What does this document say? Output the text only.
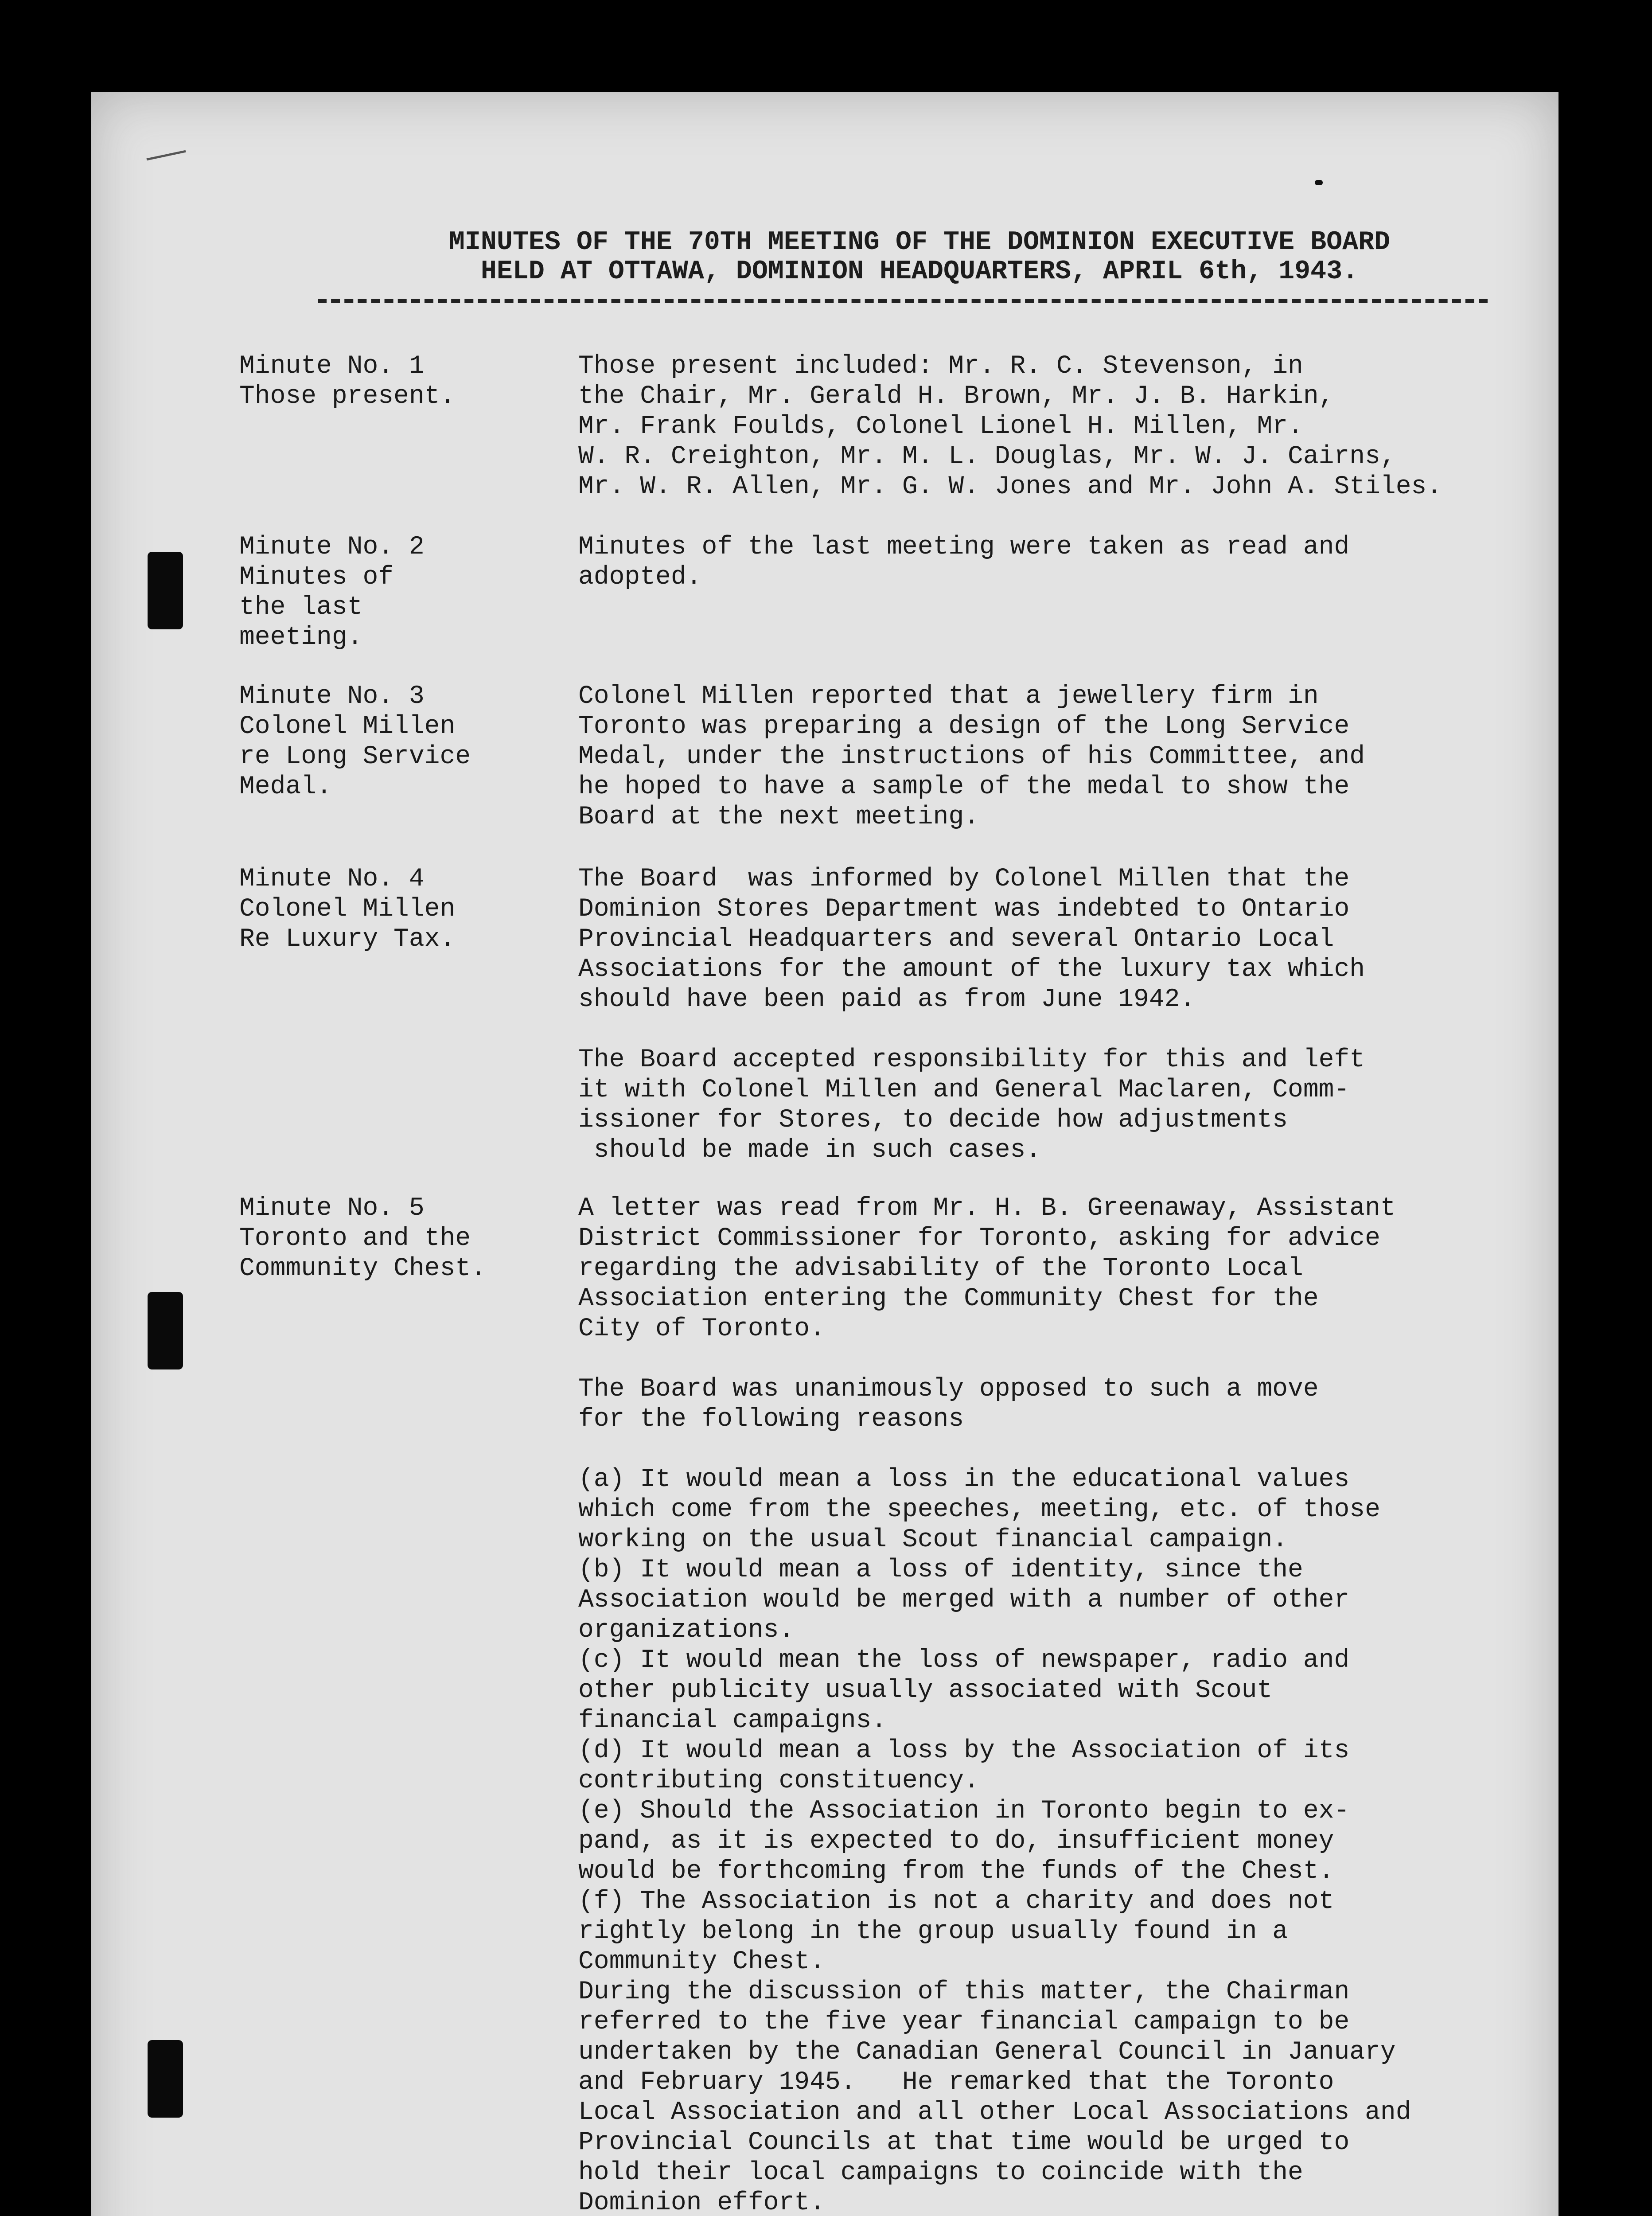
MINUTES OF THE 70TH MEETING OF THE DOMINION EXECUTIVE BOARD
HELD AT OTTAWA, DOMINION HEADQUARTERS, APRIL 6th, 1943.
Minute No. 1
Those present.
Those present included: Mr. R. C. Stevenson, in
the Chair, Mr. Gerald H. Brown, Mr. J. B. Harkin,
Mr. Frank Foulds, Colonel Lionel H. Millen, Mr.
W. R. Creighton, Mr. M. L. Douglas, Mr. W. J. Cairns,
Mr. W. R. Allen, Mr. G. W. Jones and Mr. John A. Stiles.
Minute No. 2
Minutes of
the last
meeting.
Minutes of the last meeting were taken as read and
adopted.
Minute No. 3
Colonel Millen
re Long Service
Medal.
Colonel Millen reported that a jewellery firm in
Toronto was preparing a design of the Long Service
Medal, under the instructions of his Committee, and
he hoped to have a sample of the medal to show the
Board at the next meeting.
Minute No. 4
Colonel Millen
Re Luxury Tax.
The Board  was informed by Colonel Millen that the
Dominion Stores Department was indebted to Ontario
Provincial Headquarters and several Ontario Local
Associations for the amount of the luxury tax which
should have been paid as from June 1942.
The Board accepted responsibility for this and left
it with Colonel Millen and General Maclaren, Comm-
issioner for Stores, to decide how adjustments
should be made in such cases.
Minute No. 5
Toronto and the
Community Chest.
A letter was read from Mr. H. B. Greenaway, Assistant
District Commissioner for Toronto, asking for advice
regarding the advisability of the Toronto Local
Association entering the Community Chest for the
City of Toronto.
The Board was unanimously opposed to such a move
for the following reasons
(a) It would mean a loss in the educational values
which come from the speeches, meeting, etc. of those
working on the usual Scout financial campaign.
(b) It would mean a loss of identity, since the
Association would be merged with a number of other
organizations.
(c) It would mean the loss of newspaper, radio and
other publicity usually associated with Scout
financial campaigns.
(d) It would mean a loss by the Association of its
contributing constituency.
(e) Should the Association in Toronto begin to ex-
pand, as it is expected to do, insufficient money
would be forthcoming from the funds of the Chest.
(f) The Association is not a charity and does not
rightly belong in the group usually found in a
Community Chest.
During the discussion of this matter, the Chairman
referred to the five year financial campaign to be
undertaken by the Canadian General Council in January
and February 1945.   He remarked that the Toronto
Local Association and all other Local Associations and
Provincial Councils at that time would be urged to
hold their local campaigns to coincide with the
Dominion effort.
